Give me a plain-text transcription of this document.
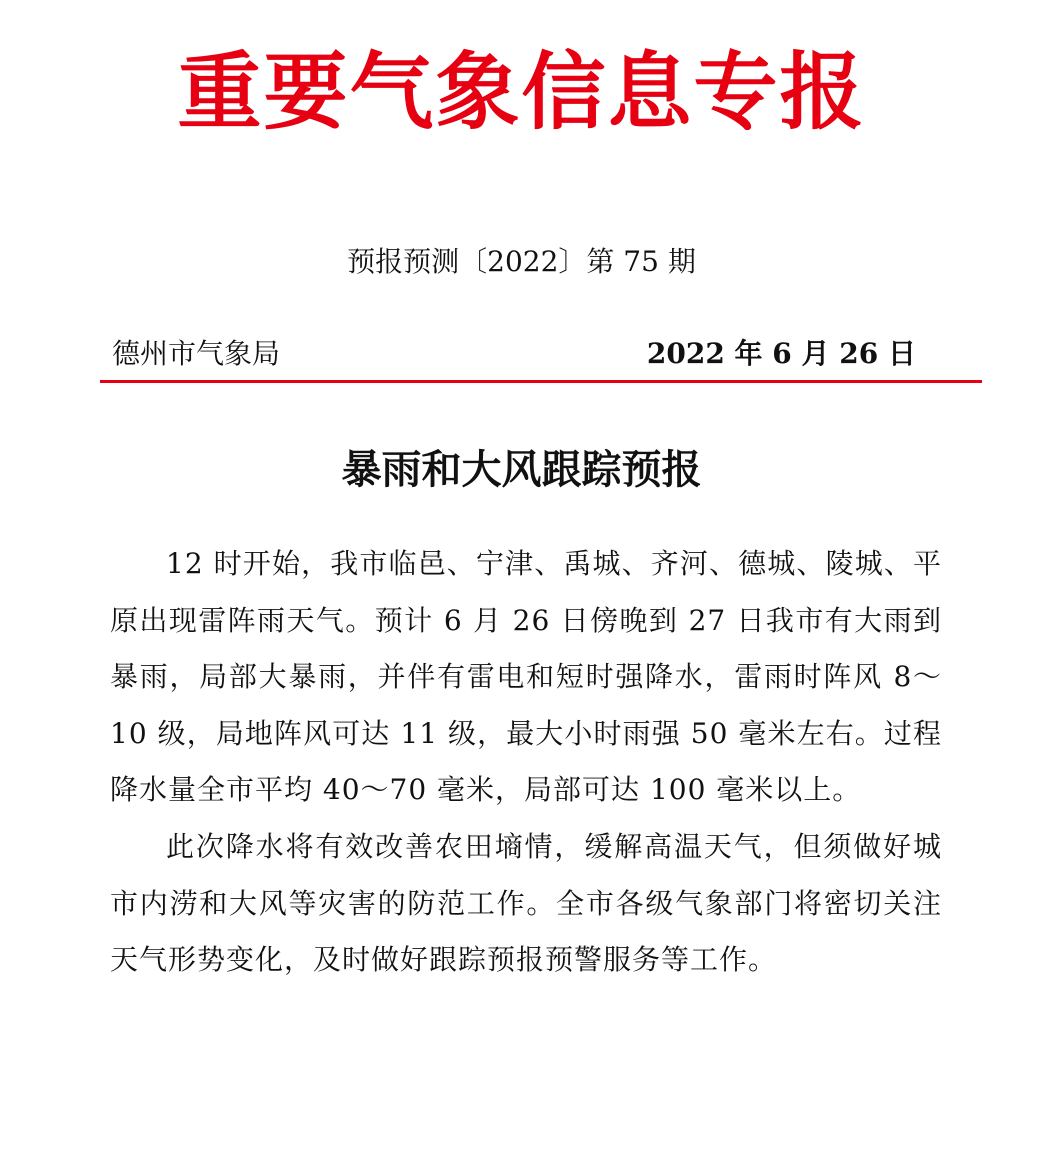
重要气象信息专报
预报预测〔2022〕第 75 期
德州市气象局	2022 年 6 月 26 日
暴雨和大风跟踪预报

12 时开始，我市临邑、宁津、禹城、齐河、德城、陵城、平原出现雷阵雨天气。预计 6 月 26 日傍晚到 27 日我市有大雨到暴雨，局部大暴雨，并伴有雷电和短时强降水，雷雨时阵风 8～10 级，局地阵风可达 11 级，最大小时雨强 50 毫米左右。过程降水量全市平均 40～70 毫米，局部可达 100 毫米以上。

此次降水将有效改善农田墒情，缓解高温天气，但须做好城市内涝和大风等灾害的防范工作。全市各级气象部门将密切关注天气形势变化，及时做好跟踪预报预警服务等工作。
